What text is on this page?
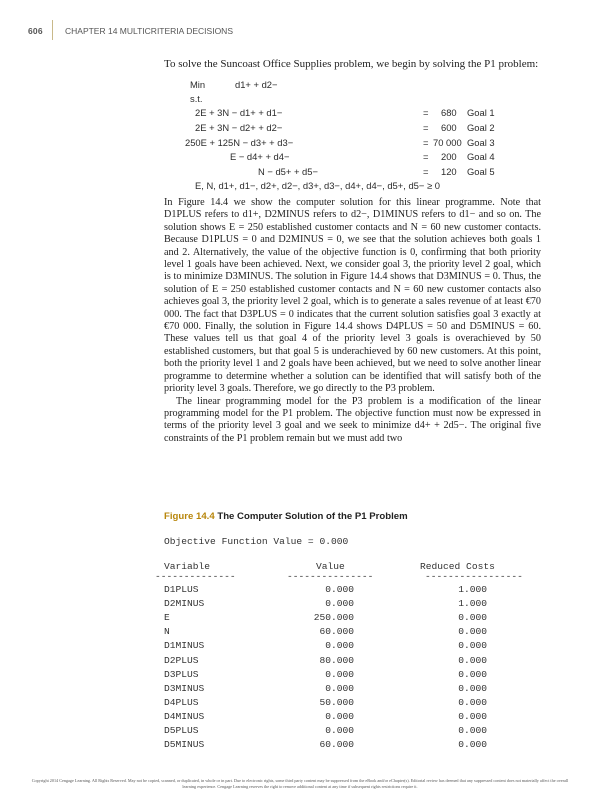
606	CHAPTER 14 MULTICRITERIA DECISIONS
To solve the Suncoast Office Supplies problem, we begin by solving the P1 problem:
Min	d1+ + d2−
s.t.
2E + 3N − d1+ + d1−	= 680 Goal 1
2E + 3N − d2+ + d2−	= 600 Goal 2
250E + 125N − d3+ + d3−	= 70 000 Goal 3
E − d4+ + d4−	= 200 Goal 4
N − d5+ + d5−	= 120 Goal 5
E, N, d1+, d1−, d2+, d2−, d3+, d3−, d4+, d4−, d5+, d5− ≥ 0

In Figure 14.4 we show the computer solution for this linear programme. Note that D1PLUS refers to d1+, D2MINUS refers to d2−, D1MINUS refers to d1− and so on. The solution shows E = 250 established customer contacts and N = 60 new customer contacts. Because D1PLUS = 0 and D2MINUS = 0, we see that the solution achieves both goals 1 and 2. Alternatively, the value of the objective function is 0, confirming that both priority level 1 goals have been achieved. Next, we consider goal 3, the priority level 2 goal, which is to minimize D3MINUS. The solution in Figure 14.4 shows that D3MINUS = 0. Thus, the solution of E = 250 established customer contacts and N = 60 new customer contacts also achieves goal 3, the priority level 2 goal, which is to generate a sales revenue of at least €70 000. The fact that D3PLUS = 0 indicates that the current solution satisfies goal 3 exactly at €70 000. Finally, the solution in Figure 14.4 shows D4PLUS = 50 and D5MINUS = 60. These values tell us that goal 4 of the priority level 3 goals is overachieved by 50 established customers, but that goal 5 is underachieved by 60 new customers. At this point, both the priority level 1 and 2 goals have been achieved, but we need to solve another linear programme to determine whether a solution can be identified that will satisfy both of the priority level 3 goals. Therefore, we go directly to the P3 problem.

The linear programming model for the P3 problem is a modification of the linear programming model for the P1 problem. The objective function must now be expressed in terms of the priority level 3 goal and we seek to minimize d4+ + 2d5−. The original five constraints of the P1 problem remain but we must add two

Figure 14.4 The Computer Solution of the P1 Problem
Objective Function Value = 0.000
Variable	Value	Reduced Costs
--------------	---------------	-----------------
D1PLUS	0.000	1.000
D2MINUS	0.000	1.000
E	250.000	0.000
N	60.000	0.000
D1MINUS	0.000	0.000
D2PLUS	80.000	0.000
D3PLUS	0.000	0.000
D3MINUS	0.000	0.000
D4PLUS	50.000	0.000
D4MINUS	0.000	0.000
D5PLUS	0.000	0.000
D5MINUS	60.000	0.000
Copyright 2014 Cengage Learning. All Rights Reserved. May not be copied, scanned, or duplicated, in whole or in part. Due to electronic rights, some third party content may be suppressed from the eBook and/or eChapter(s). Editorial review has deemed that any suppressed content does not materially affect the overall learning experience. Cengage Learning reserves the right to remove additional content at any time if subsequent rights restrictions require it.
